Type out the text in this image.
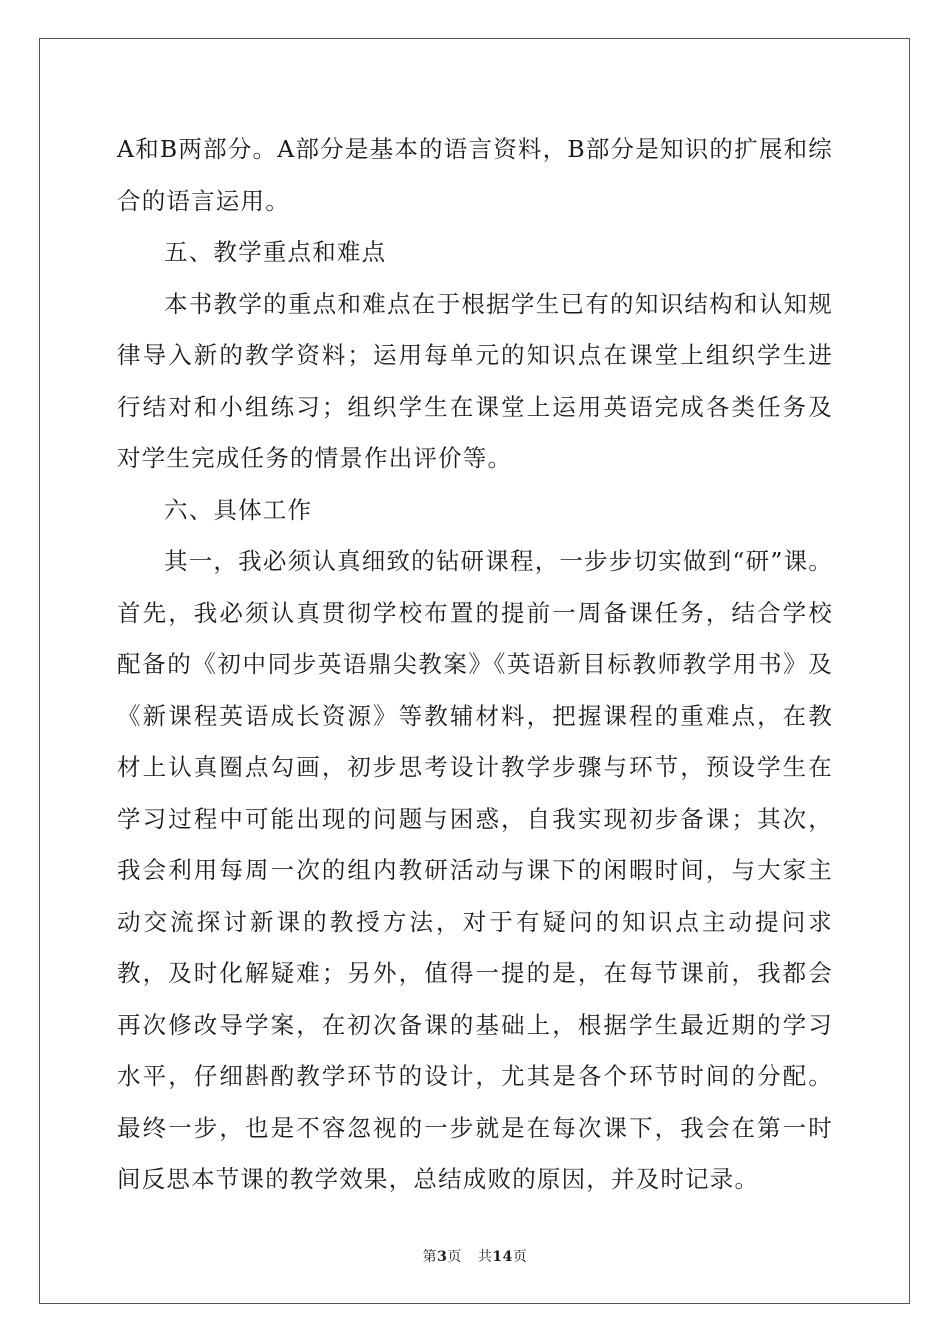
A和B两部分。A部分是基本的语言资料，B部分是知识的扩展和综合的语言运用。

五、教学重点和难点

本书教学的重点和难点在于根据学生已有的知识结构和认知规律导入新的教学资料；运用每单元的知识点在课堂上组织学生进行结对和小组练习；组织学生在课堂上运用英语完成各类任务及对学生完成任务的情景作出评价等。

六、具体工作

其一，我必须认真细致的钻研课程，一步步切实做到“研”课。首先，我必须认真贯彻学校布置的提前一周备课任务，结合学校配备的《初中同步英语鼎尖教案》《英语新目标教师教学用书》及《新课程英语成长资源》等教辅材料，把握课程的重难点，在教材上认真圈点勾画，初步思考设计教学步骤与环节，预设学生在学习过程中可能出现的问题与困惑，自我实现初步备课；其次，我会利用每周一次的组内教研活动与课下的闲暇时间，与大家主动交流探讨新课的教授方法，对于有疑问的知识点主动提问求教，及时化解疑难；另外，值得一提的是，在每节课前，我都会再次修改导学案，在初次备课的基础上，根据学生最近期的学习水平，仔细斟酌教学环节的设计，尤其是各个环节时间的分配。最终一步，也是不容忽视的一步就是在每次课下，我会在第一时间反思本节课的教学效果，总结成败的原因，并及时记录。

第3页 共14页
